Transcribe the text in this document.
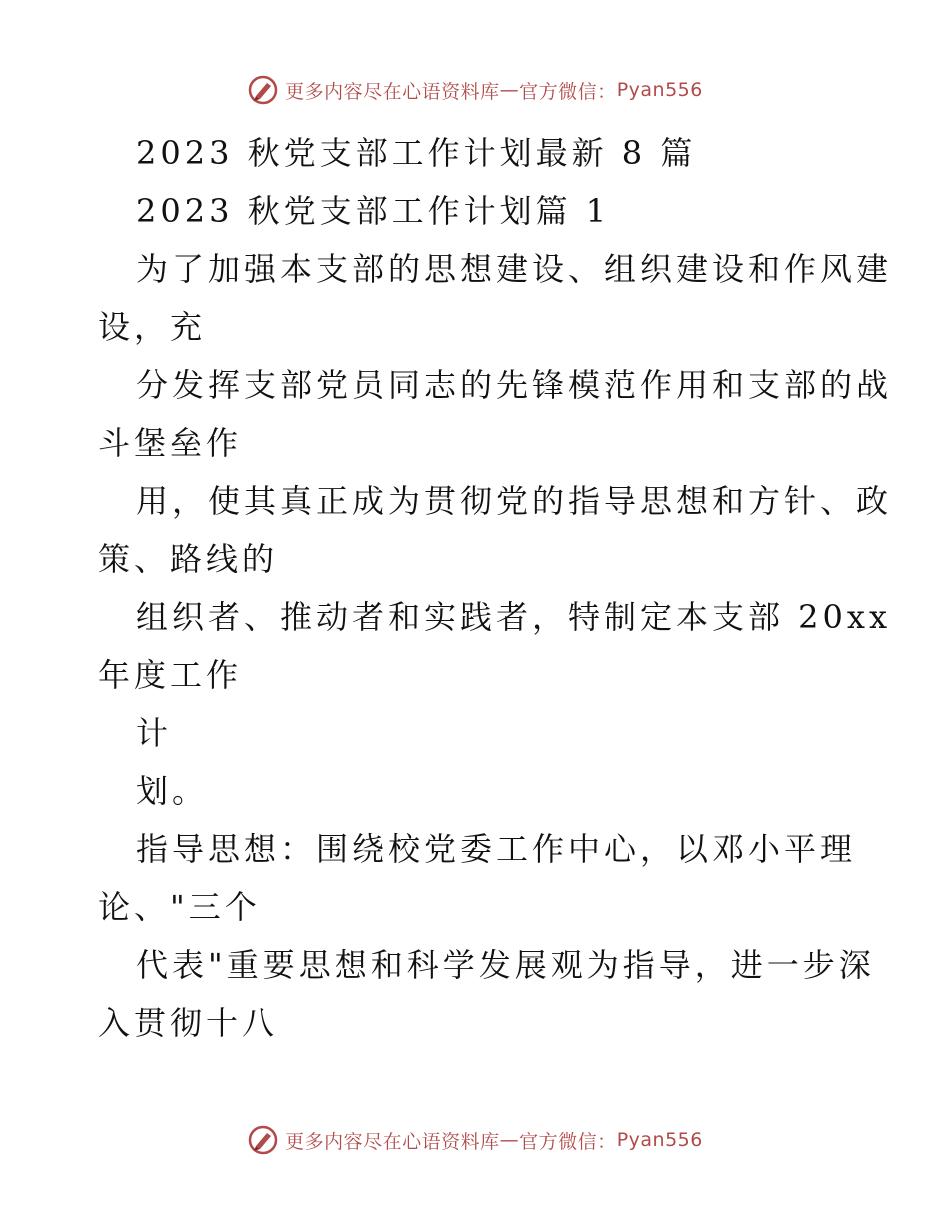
更多内容尽在心语资料库 — 官方微信： Pyan556
2023 秋党支部工作计划最新 8 篇
2023 秋党支部工作计划篇 1
为了加强本支部的思想建设、组织建设和作风建
设，充
分发挥支部党员同志的先锋模范作用和支部的战
斗堡垒作
用，使其真正成为贯彻党的指导思想和方针、政
策、路线的
组织者、推动者和实践者，特制定本支部 20xx
年度工作
计
划。
指导思想：围绕校党委工作中心，以邓小平理
论、"三个
代表"重要思想和科学发展观为指导，进一步深
入贯彻十八
更多内容尽在心语资料库 — 官方微信： Pyan556
